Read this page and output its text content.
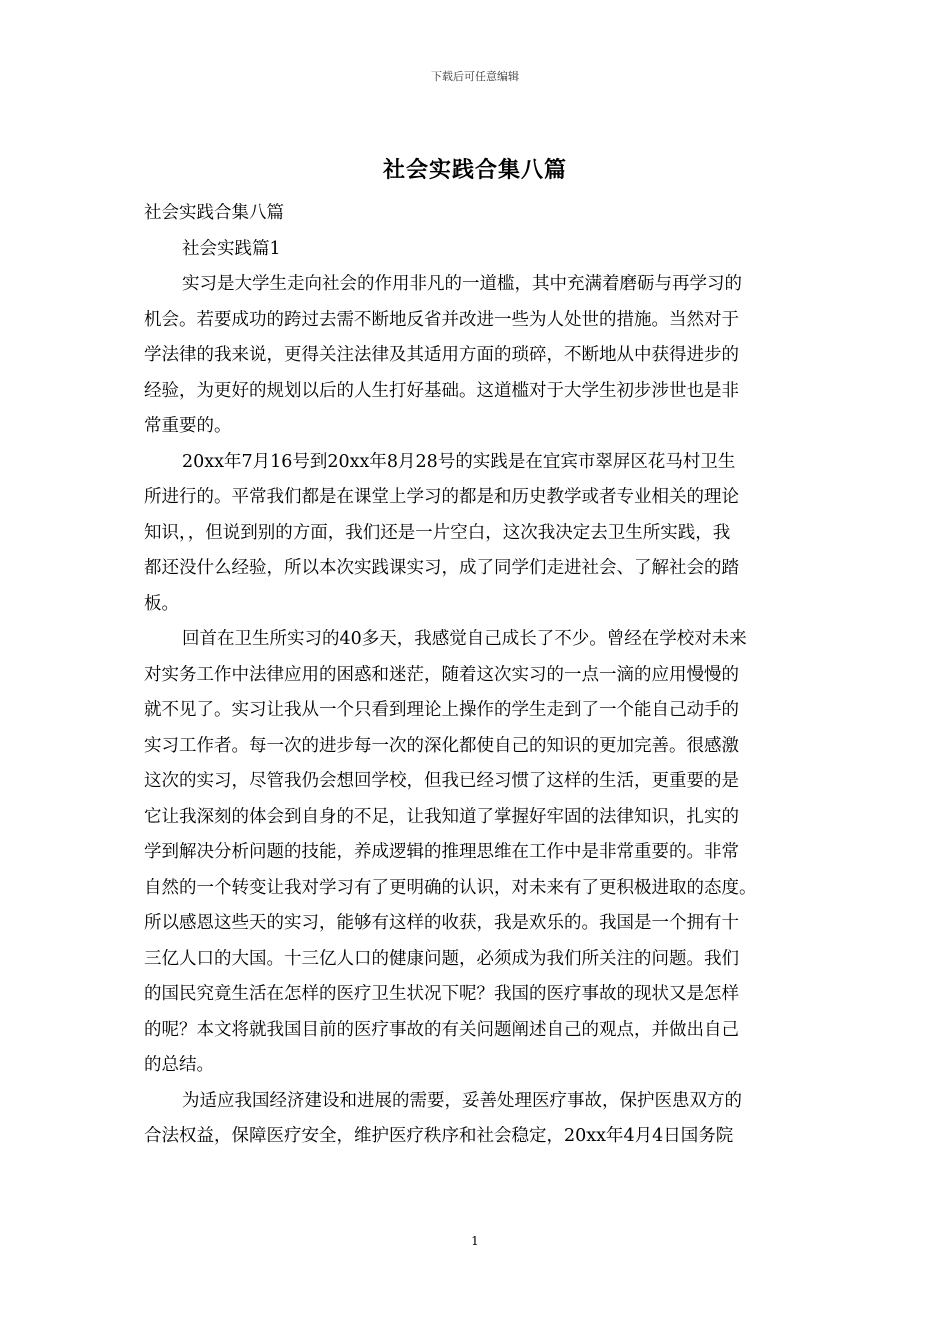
下载后可任意编辑
社会实践合集八篇

社会实践合集八篇

社会实践篇1

实习是大学生走向社会的作用非凡的一道槛，其中充满着磨砺与再学习的
机会。若要成功的跨过去需不断地反省并改进一些为人处世的措施。当然对于
学法律的我来说，更得关注法律及其适用方面的琐碎，不断地从中获得进步的
经验，为更好的规划以后的人生打好基础。这道槛对于大学生初步涉世也是非
常重要的。

20xx年7月16号到20xx年8月28号的实践是在宜宾市翠屏区花马村卫生
所进行的。平常我们都是在课堂上学习的都是和历史教学或者专业相关的理论
知识，，但说到别的方面，我们还是一片空白，这次我决定去卫生所实践，我
都还没什么经验，所以本次实践课实习，成了同学们走进社会、了解社会的踏
板。

回首在卫生所实习的40多天，我感觉自己成长了不少。曾经在学校对未来
对实务工作中法律应用的困惑和迷茫，随着这次实习的一点一滴的应用慢慢的
就不见了。实习让我从一个只看到理论上操作的学生走到了一个能自己动手的
实习工作者。每一次的进步每一次的深化都使自己的知识的更加完善。很感激
这次的实习，尽管我仍会想回学校，但我已经习惯了这样的生活，更重要的是
它让我深刻的体会到自身的不足，让我知道了掌握好牢固的法律知识，扎实的
学到解决分析问题的技能，养成逻辑的推理思维在工作中是非常重要的。非常
自然的一个转变让我对学习有了更明确的认识，对未来有了更积极进取的态度。
所以感恩这些天的实习，能够有这样的收获，我是欢乐的。我国是一个拥有十
三亿人口的大国。十三亿人口的健康问题，必须成为我们所关注的问题。我们
的国民究竟生活在怎样的医疗卫生状况下呢？我国的医疗事故的现状又是怎样
的呢？本文将就我国目前的医疗事故的有关问题阐述自己的观点，并做出自己
的总结。

为适应我国经济建设和进展的需要，妥善处理医疗事故，保护医患双方的
合法权益，保障医疗安全，维护医疗秩序和社会稳定，20xx年4月4日国务院

1
